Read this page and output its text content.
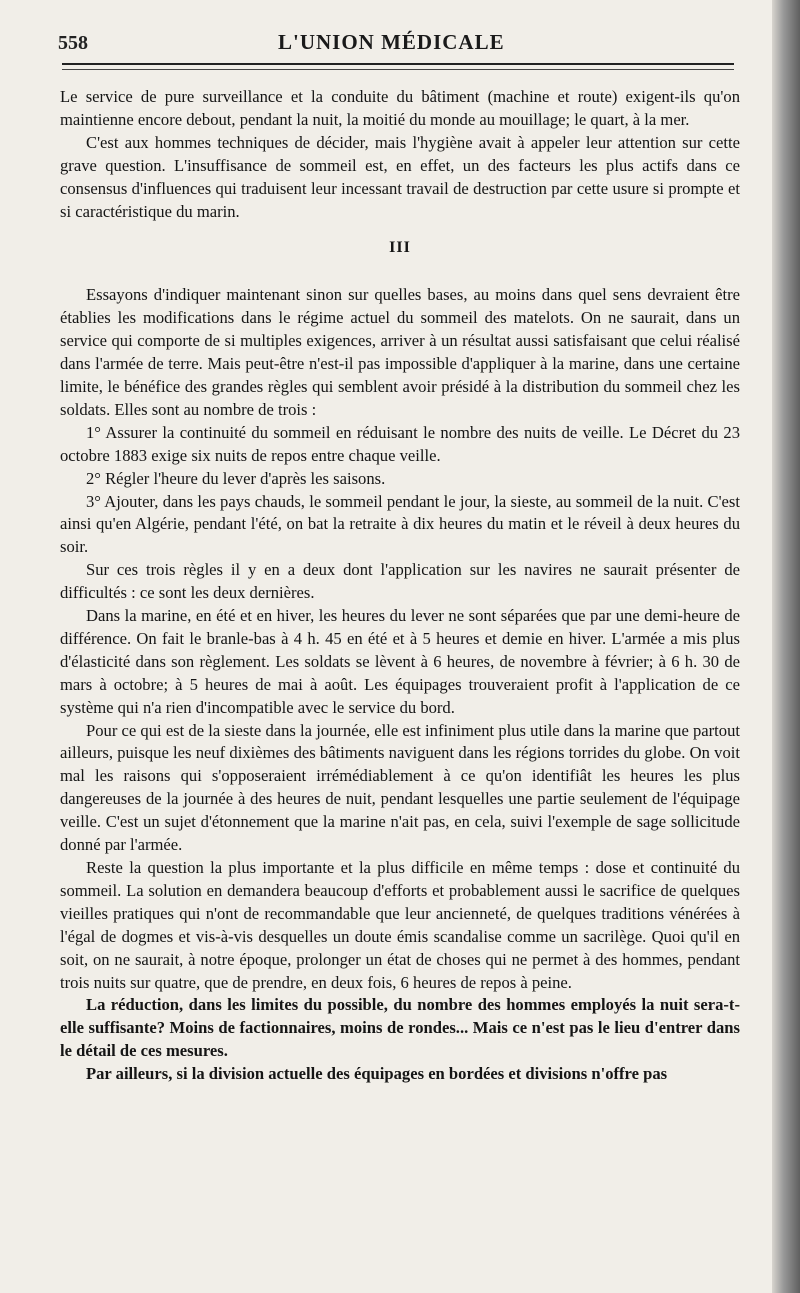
558	L'UNION MÉDICALE

Le service de pure surveillance et la conduite du bâtiment (machine et route) exigent-ils qu'on maintienne encore debout, pendant la nuit, la moitié du monde au mouillage; le quart, à la mer.

C'est aux hommes techniques de décider, mais l'hygiène avait à appeler leur attention sur cette grave question. L'insuffisance de sommeil est, en effet, un des facteurs les plus actifs dans ce consensus d'influences qui traduisent leur incessant travail de destruction par cette usure si prompte et si caractéristique du marin.

III

Essayons d'indiquer maintenant sinon sur quelles bases, au moins dans quel sens devraient être établies les modifications dans le régime actuel du sommeil des matelots. On ne saurait, dans un service qui comporte de si multiples exigences, arriver à un résultat aussi satisfaisant que celui réalisé dans l'armée de terre. Mais peut-être n'est-il pas impossible d'appliquer à la marine, dans une certaine limite, le bénéfice des grandes règles qui semblent avoir présidé à la distribution du sommeil chez les soldats. Elles sont au nombre de trois :

1° Assurer la continuité du sommeil en réduisant le nombre des nuits de veille. Le Décret du 23 octobre 1883 exige six nuits de repos entre chaque veille.

2° Régler l'heure du lever d'après les saisons.

3° Ajouter, dans les pays chauds, le sommeil pendant le jour, la sieste, au sommeil de la nuit. C'est ainsi qu'en Algérie, pendant l'été, on bat la retraite à dix heures du matin et le réveil à deux heures du soir.

Sur ces trois règles il y en a deux dont l'application sur les navires ne saurait présenter de difficultés : ce sont les deux dernières.

Dans la marine, en été et en hiver, les heures du lever ne sont séparées que par une demi-heure de différence. On fait le branle-bas à 4 h. 45 en été et à 5 heures et demie en hiver. L'armée a mis plus d'élasticité dans son règlement. Les soldats se lèvent à 6 heures, de novembre à février; à 6 h. 30 de mars à octobre; à 5 heures de mai à août. Les équipages trouveraient profit à l'application de ce système qui n'a rien d'incompatible avec le service du bord.

Pour ce qui est de la sieste dans la journée, elle est infiniment plus utile dans la marine que partout ailleurs, puisque les neuf dixièmes des bâtiments naviguent dans les régions torrides du globe. On voit mal les raisons qui s'opposeraient irrémédiablement à ce qu'on identifiât les heures les plus dangereuses de la journée à des heures de nuit, pendant lesquelles une partie seulement de l'équipage veille. C'est un sujet d'étonnement que la marine n'ait pas, en cela, suivi l'exemple de sage sollicitude donné par l'armée.

Reste la question la plus importante et la plus difficile en même temps : dose et continuité du sommeil. La solution en demandera beaucoup d'efforts et probablement aussi le sacrifice de quelques vieilles pratiques qui n'ont de recommandable que leur ancienneté, de quelques traditions vénérées à l'égal de dogmes et vis-à-vis desquelles un doute émis scandalise comme un sacrilège. Quoi qu'il en soit, on ne saurait, à notre époque, prolonger un état de choses qui ne permet à des hommes, pendant trois nuits sur quatre, que de prendre, en deux fois, 6 heures de repos à peine.

La réduction, dans les limites du possible, du nombre des hommes employés la nuit sera-t-elle suffisante? Moins de factionnaires, moins de rondes... Mais ce n'est pas le lieu d'entrer dans le détail de ces mesures.

Par ailleurs, si la division actuelle des équipages en bordées et divisions n'offre pas
